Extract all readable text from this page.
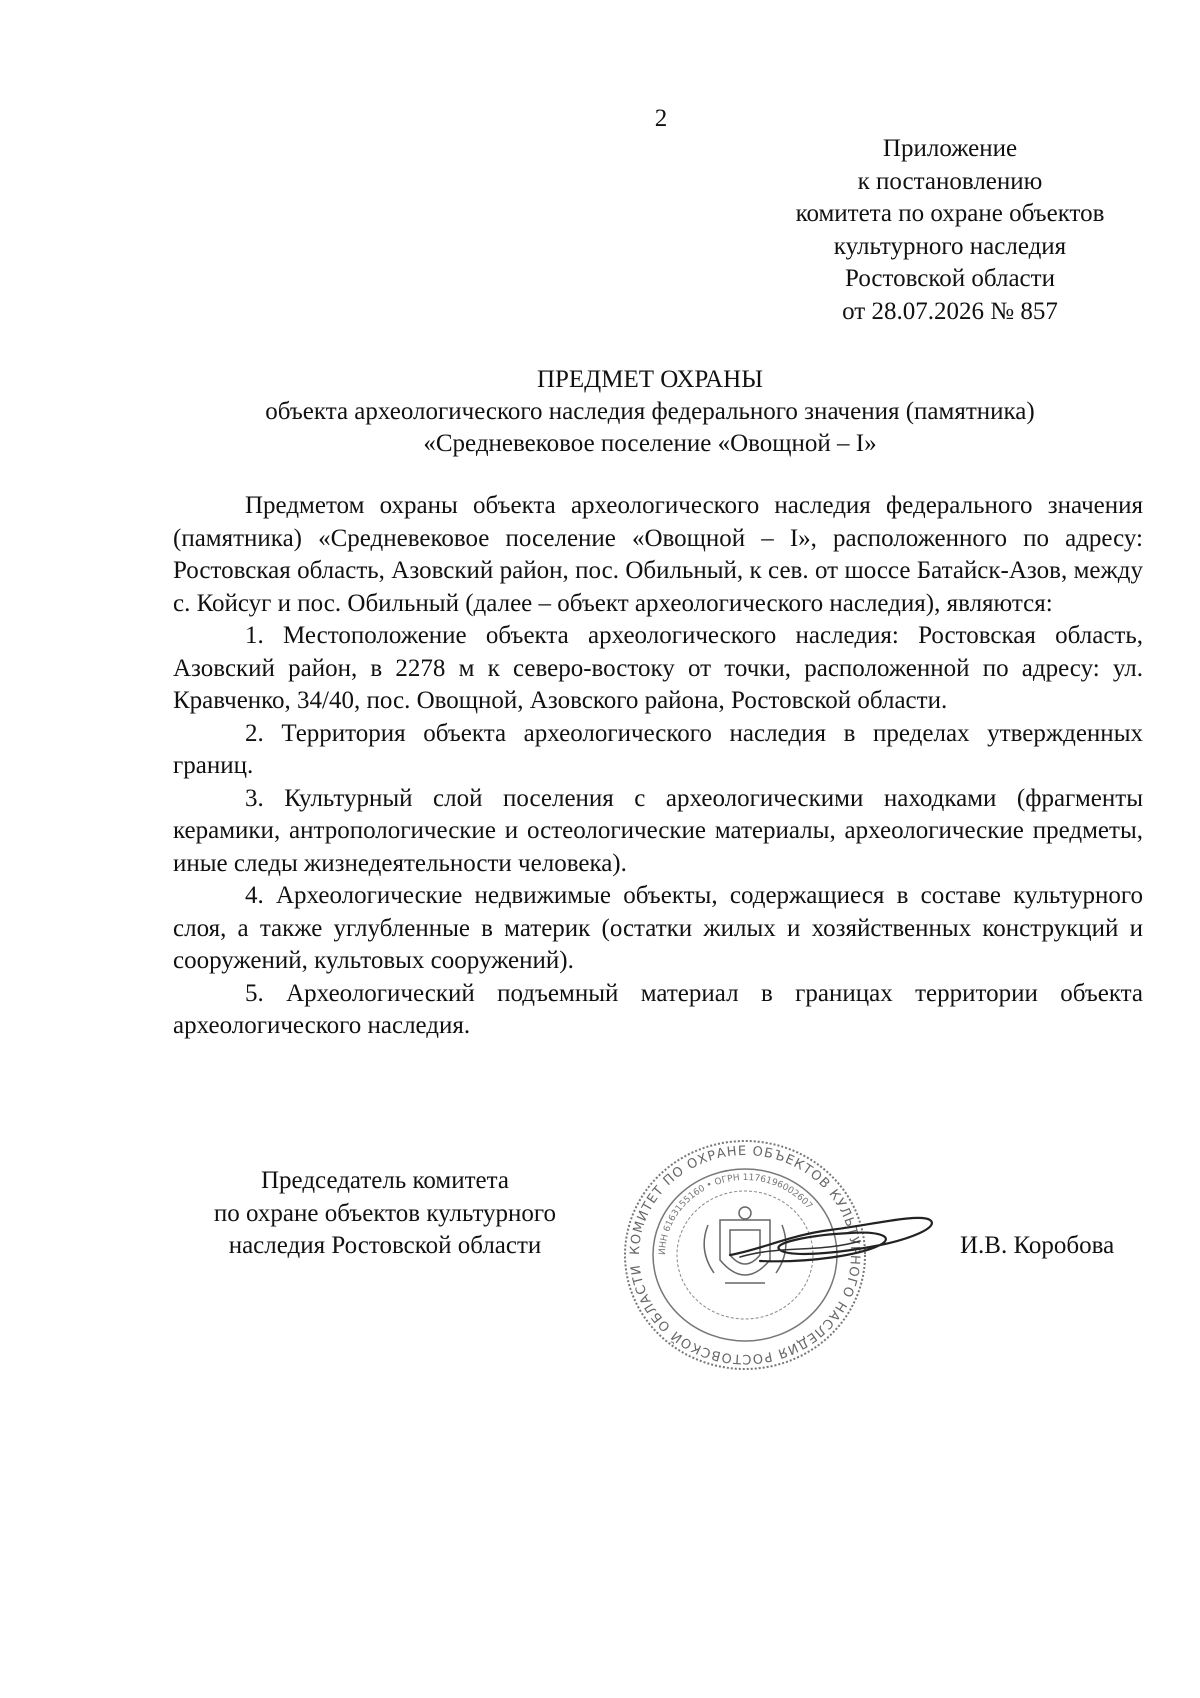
2
Приложение
к постановлению
комитета по охране объектов
культурного наследия
Ростовской области
от 28.07.2026 № 857
ПРЕДМЕТ ОХРАНЫ
объекта археологического наследия федерального значения (памятника)
«Средневековое поселение «Овощной – I»

Предметом охраны объекта археологического наследия федерального значения (памятника) «Средневековое поселение «Овощной – I», расположенного по адресу: Ростовская область, Азовский район, пос. Обильный, к сев. от шоссе Батайск-Азов, между с. Койсуг и пос. Обильный (далее – объект археологического наследия), являются:

1. Местоположение объекта археологического наследия: Ростовская область, Азовский район, в 2278 м к северо-востоку от точки, расположенной по адресу: ул. Кравченко, 34/40, пос. Овощной, Азовского района, Ростовской области.

2. Территория объекта археологического наследия в пределах утвержденных границ.

3. Культурный слой поселения с археологическими находками (фрагменты керамики, антропологические и остеологические материалы, археологические предметы, иные следы жизнедеятельности человека).

4. Археологические недвижимые объекты, содержащиеся в составе культурного слоя, а также углубленные в материк (остатки жилых и хозяйственных конструкций и сооружений, культовых сооружений).

5. Археологический подъемный материал в границах территории объекта археологического наследия.

Председатель комитета
по охране объектов культурного
наследия Ростовской области	КОМИТЕТ ПО ОХРАНЕ ОБЪЕКТОВ КУЛЬТУРНОГО НАСЛЕДИЯ РОСТОВСКОЙ ОБЛАСТИ
ИНН 6163155160 • ОГРН 1176196002607
И.В. Коробова
